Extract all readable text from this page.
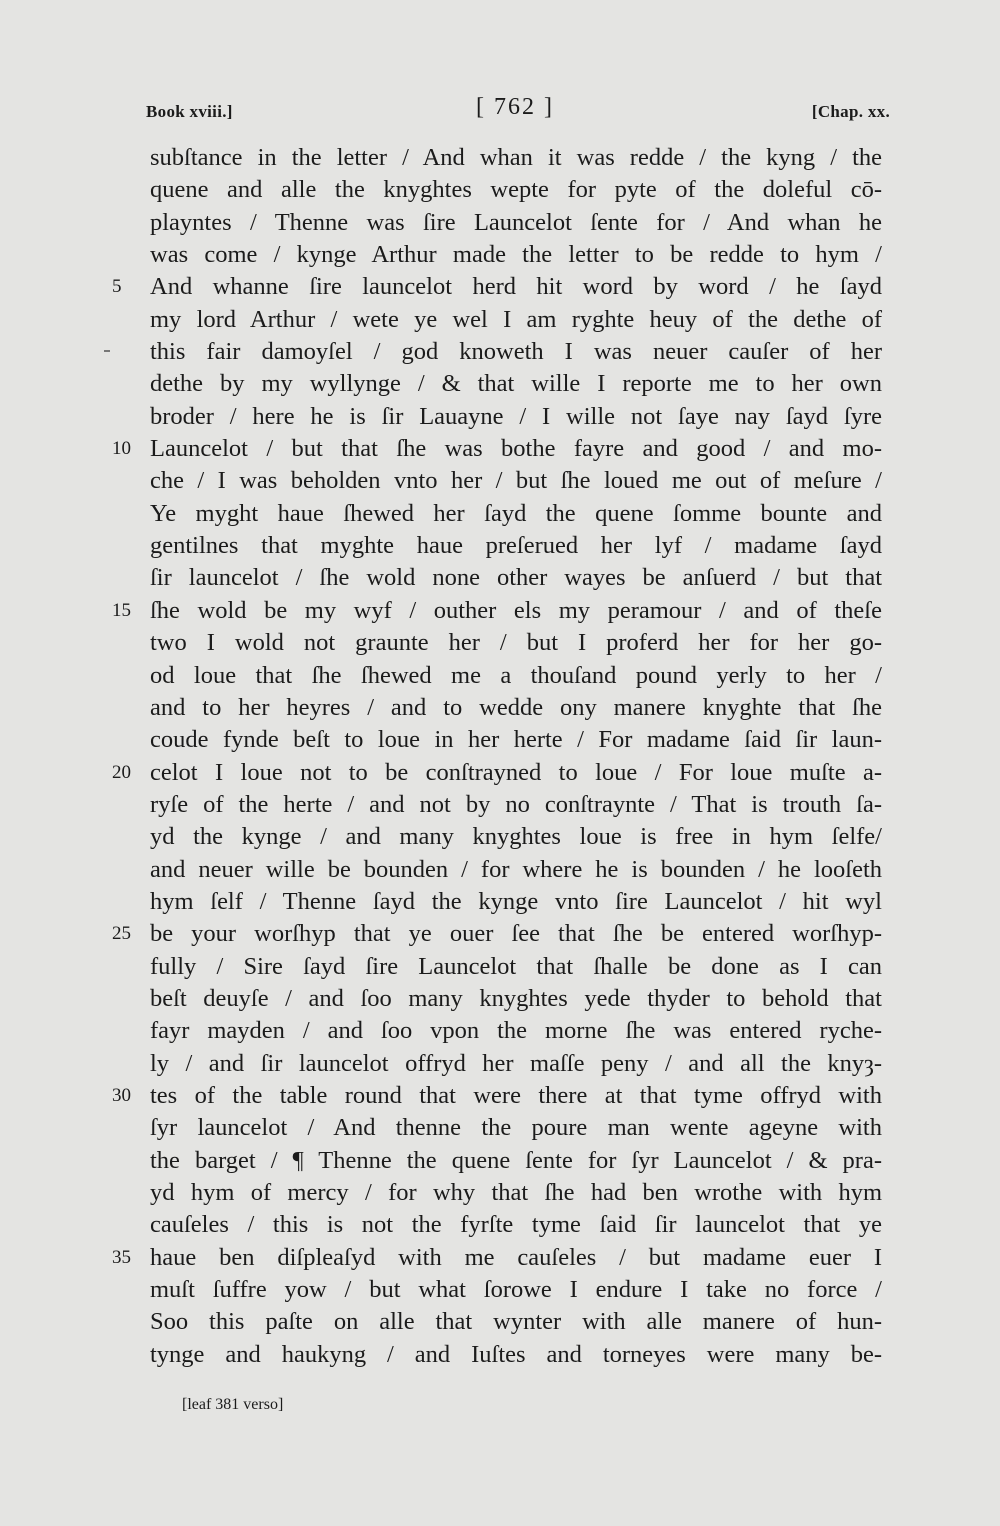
Book xviii.]	[ 762 ]	[Chap. xx.
subſtance in the letter / And whan it was redde / the kyng / the
quene and alle the knyghtes wepte for pyte of the doleful cō-
playntes / Thenne was ſire Launcelot ſente for / And whan he
was come / kynge Arthur made the letter to be redde to hym /
5	And whanne ſire launcelot herd hit word by word / he ſayd
my lord Arthur / wete ye wel I am ryghte heuy of the dethe of
this fair damoyſel / god knoweth I was neuer cauſer of her
dethe by my wyllynge / & that wille I reporte me to her own
broder / here he is ſir Lauayne / I wille not ſaye nay ſayd ſyre
10 Launcelot / but that ſhe was bothe fayre and good / and mo-
che / I was beholden vnto her / but ſhe loued me out of meſure /
Ye myght haue ſhewed her ſayd the quene ſomme bounte and
gentilnes that myghte haue preſerued her lyf / madame ſayd
ſir launcelot / ſhe wold none other wayes be anſuerd / but that
15 ſhe wold be my wyf / outher els my peramour / and of theſe
two I wold not graunte her / but I proferd her for her go-
od loue that ſhe ſhewed me a thouſand pound yerly to her /
and to her heyres / and to wedde ony manere knyghte that ſhe
coude fynde beſt to loue in her herte / For madame ſaid ſir laun-
20 celot I loue not to be conſtrayned to loue / For loue muſte a-
ryſe of the herte / and not by no conſtraynte / That is trouth ſa-
yd the kynge / and many knyghtes loue is free in hym ſelfe/
and neuer wille be bounden / for where he is bounden / he looſeth
hym ſelf / Thenne ſayd the kynge vnto ſire Launcelot / hit wyl
25 be your worſhyp that ye ouer ſee that ſhe be entered worſhyp-
fully / Sire ſayd ſire Launcelot that ſhalle be done as I can
beſt deuyſe / and ſoo many knyghtes yede thyder to behold that
fayr mayden / and ſoo vpon the morne ſhe was entered ryche-
ly / and ſir launcelot offryd her maſſe peny / and all the knyȝ-
30 tes of the table round that were there at that tyme offryd with
ſyr launcelot / And thenne the poure man wente ageyne with
the barget / ¶ Thenne the quene ſente for ſyr Launcelot / & pra-
yd hym of mercy / for why that ſhe had ben wrothe with hym
cauſeles / this is not the fyrſte tyme ſaid ſir launcelot that ye
35 haue ben diſpleaſyd with me cauſeles / but madame euer I
muſt ſuffre yow / but what ſorowe I endure I take no force /
Soo this paſte on alle that wynter with alle manere of hun-
tynge and haukyng / and Iuſtes and torneyes were many be-
[leaf 381 verso]
